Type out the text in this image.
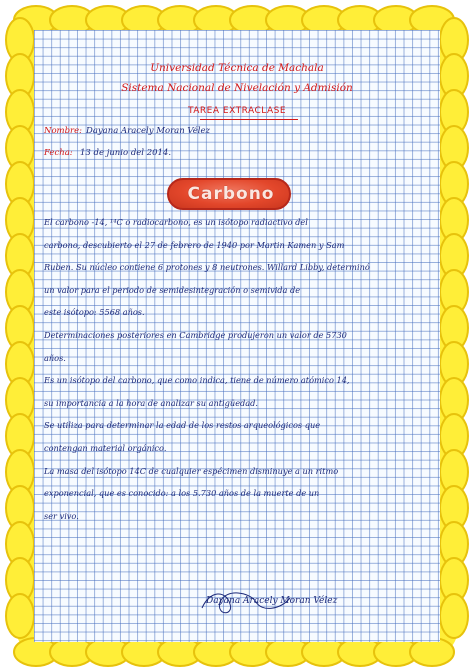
Universidad Técnica de Machala
Sistema Nacional de Nivelación y Admisión
TAREA EXTRACLASE
Nombre: Dayana Aracely Moran Vélez
Fecha: 13 de junio del 2014.
Carbono
El carbono -14, ¹⁴C o radiocarbono, es un isótopo radiactivo del
carbono, descubierto el 27 de febrero de 1940 por Martin Kamen y Sam
Ruben. Su núcleo contiene 6 protones y 8 neutrones. Willard Libby, determinó
un valor para el periodo de semidesintegración o semivida de
este isótopo: 5568 años.
Determinaciones posteriores en Cambridge produjeron un valor de 5730
años.
Es un isótopo del carbono, que como indica, tiene de número atómico 14,
su importancia a la hora de analizar su antigüedad.
Se utiliza para determinar la edad de los restos arqueológicos que
contengan material orgánico.
La masa del isótopo 14C de cualquier espécimen disminuye a un ritmo
exponencial, que es conocido: a los 5.730 años de la muerte de un
ser vivo.
Dayana Aracely Moran Vélez
